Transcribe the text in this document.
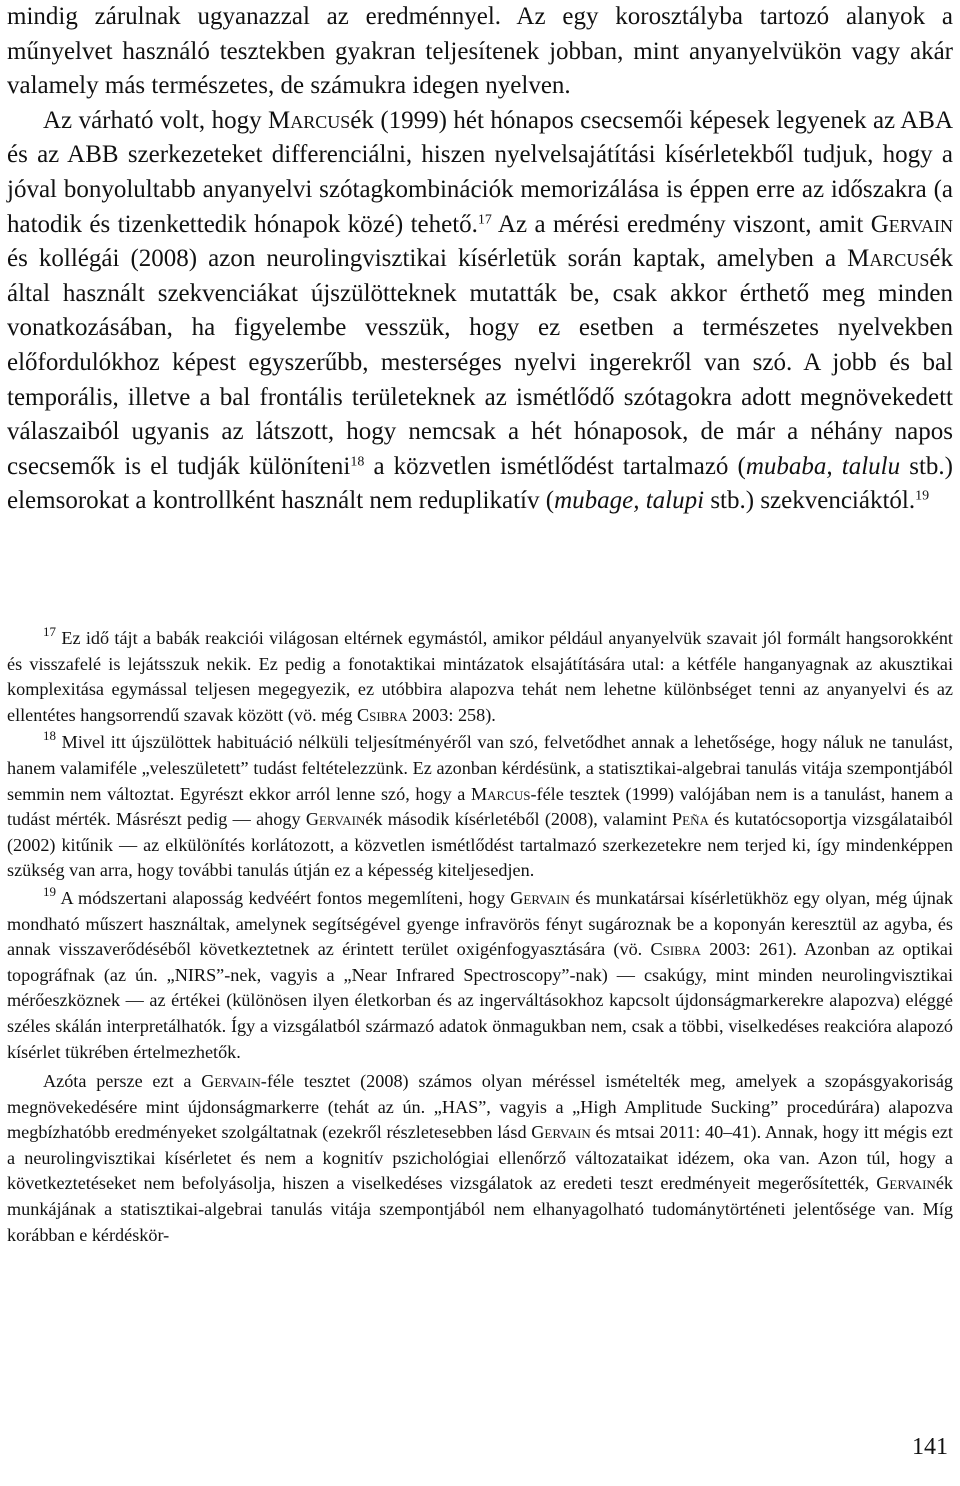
mindig zárulnak ugyanazzal az eredménnyel. Az egy korosztályba tartozó alanyok a műnyelvet használó tesztekben gyakran teljesítenek jobban, mint anyanyelvükön vagy akár valamely más természetes, de számukra idegen nyelven.

Az várható volt, hogy Marcusék (1999) hét hónapos csecsemői képesek legyenek az ABA és az ABB szerkezeteket differenciálni, hiszen nyelvelsajátítási kísérletekből tudjuk, hogy a jóval bonyolultabb anyanyelvi szótagkombinációk memorizálása is éppen erre az időszakra (a hatodik és tizenkettedik hónapok közé) tehető.$^{17}$ Az a mérési eredmény viszont, amit Gervain és kollégái (2008) azon neurolingvisztikai kísérletük során kaptak, amelyben a Marcusék által használt szekvenciákat újszülötteknek mutatták be, csak akkor érthető meg minden vonatkozásában, ha figyelembe vesszük, hogy ez esetben a természetes nyelvekben előfordulókhoz képest egyszerűbb, mesterséges nyelvi ingerekről van szó. A jobb és bal temporális, illetve a bal frontális területeknek az ismétlődő szótagokra adott megnövekedett válaszaiból ugyanis az látszott, hogy nemcsak a hét hónaposok, de már a néhány napos csecsemők is el tudják különíteni$^{18}$ a közvetlen ismétlődést tartalmazó (mubaba, talulu stb.) elemsorokat a kontrollként használt nem reduplikatív (mubage, talupi stb.) szekvenciáktól.$^{19}$

$^{17}$ Ez idő tájt a babák reakciói világosan eltérnek egymástól, amikor például anyanyelvük szavait jól formált hangsorokként és visszafelé is lejátsszuk nekik. Ez pedig a fonotaktikai mintázatok elsajátítására utal: a kétféle hanganyagnak az akusztikai komplexitása egymással teljesen megegyezik, ez utóbbira alapozva tehát nem lehetne különbséget tenni az anyanyelvi és az ellentétes hangsorrendű szavak között (vö. még Csibra 2003: 258).

$^{18}$ Mivel itt újszülöttek habituáció nélküli teljesítményéről van szó, felvetődhet annak a lehetősége, hogy náluk ne tanulást, hanem valamiféle „veleszületett” tudást feltételezzünk. Ez azonban kérdésünk, a statisztikai-algebrai tanulás vitája szempontjából semmin nem változtat. Egyrészt ekkor arról lenne szó, hogy a Marcus-féle tesztek (1999) valójában nem is a tanulást, hanem a tudást mérték. Másrészt pedig — ahogy Gervainék második kísérletéből (2008), valamint Peña és kutatócsoportja vizsgálataiból (2002) kitűnik — az elkülönítés korlátozott, a közvetlen ismétlődést tartalmazó szerkezetekre nem terjed ki, így mindenképpen szükség van arra, hogy további tanulás útján ez a képesség kiteljesedjen.

$^{19}$ A módszertani alaposság kedvéért fontos megemlíteni, hogy Gervain és munkatársai kísérletükhöz egy olyan, még újnak mondható műszert használtak, amelynek segítségével gyenge infravörös fényt sugároznak be a koponyán keresztül az agyba, és annak visszaverődéséből következtetnek az érintett terület oxigénfogyasztására (vö. Csibra 2003: 261). Azonban az optikai topográfnak (az ún. „NIRS”-nek, vagyis a „Near Infrared Spectroscopy”-nak) — csakúgy, mint minden neurolingvisztikai mérőeszköznek — az értékei (különösen ilyen életkorban és az ingerváltásokhoz kapcsolt újdonságmarkerekre alapozva) eléggé széles skálán interpretálhatók. Így a vizsgálatból származó adatok önmagukban nem, csak a többi, viselkedéses reakcióra alapozó kísérlet tükrében értelmezhetők.

Azóta persze ezt a Gervain-féle tesztet (2008) számos olyan méréssel ismételték meg, amelyek a szopásgyakoriság megnövekedésére mint újdonságmarkerre (tehát az ún. „HAS”, vagyis a „High Amplitude Sucking” procedúrára) alapozva megbízhatóbb eredményeket szolgáltatnak (ezekről részletesebben lásd Gervain és mtsai 2011: 40–41). Annak, hogy itt mégis ezt a neurolingvisztikai kísérletet és nem a kognitív pszichológiai ellenőrző változataikat idézem, oka van. Azon túl, hogy a következtetéseket nem befolyásolja, hiszen a viselkedéses vizsgálatok az eredeti teszt eredményeit megerősítették, Gervainék munkájának a statisztikai-algebrai tanulás vitája szempontjából nem elhanyagolható tudománytörténeti jelentősége van. Míg korábban e kérdéskör-

141
